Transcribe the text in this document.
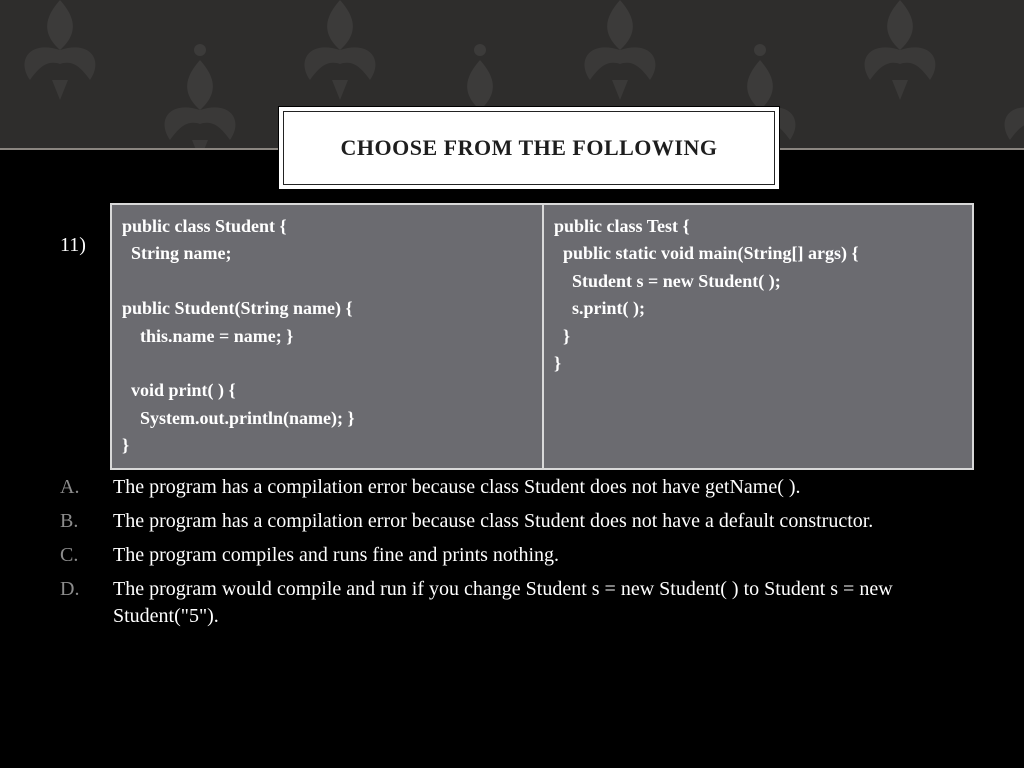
CHOOSE FROM THE FOLLOWING
11)
public class Student {
String name;

public Student(String name) {
this.name = name; }

void print( ) {
System.out.println(name); }
}	public class Test {
public static void main(String[] args) {
Student s = new Student( );
s.print( );
}
}
A.	The program has a compilation error because class Student does not have getName( ).
B.	The program has a compilation error because class Student does not have a default constructor.
C.	The program compiles and runs fine and prints nothing.
D.	The program would compile and run if you change Student s = new Student( ) to Student s = new Student("5").
